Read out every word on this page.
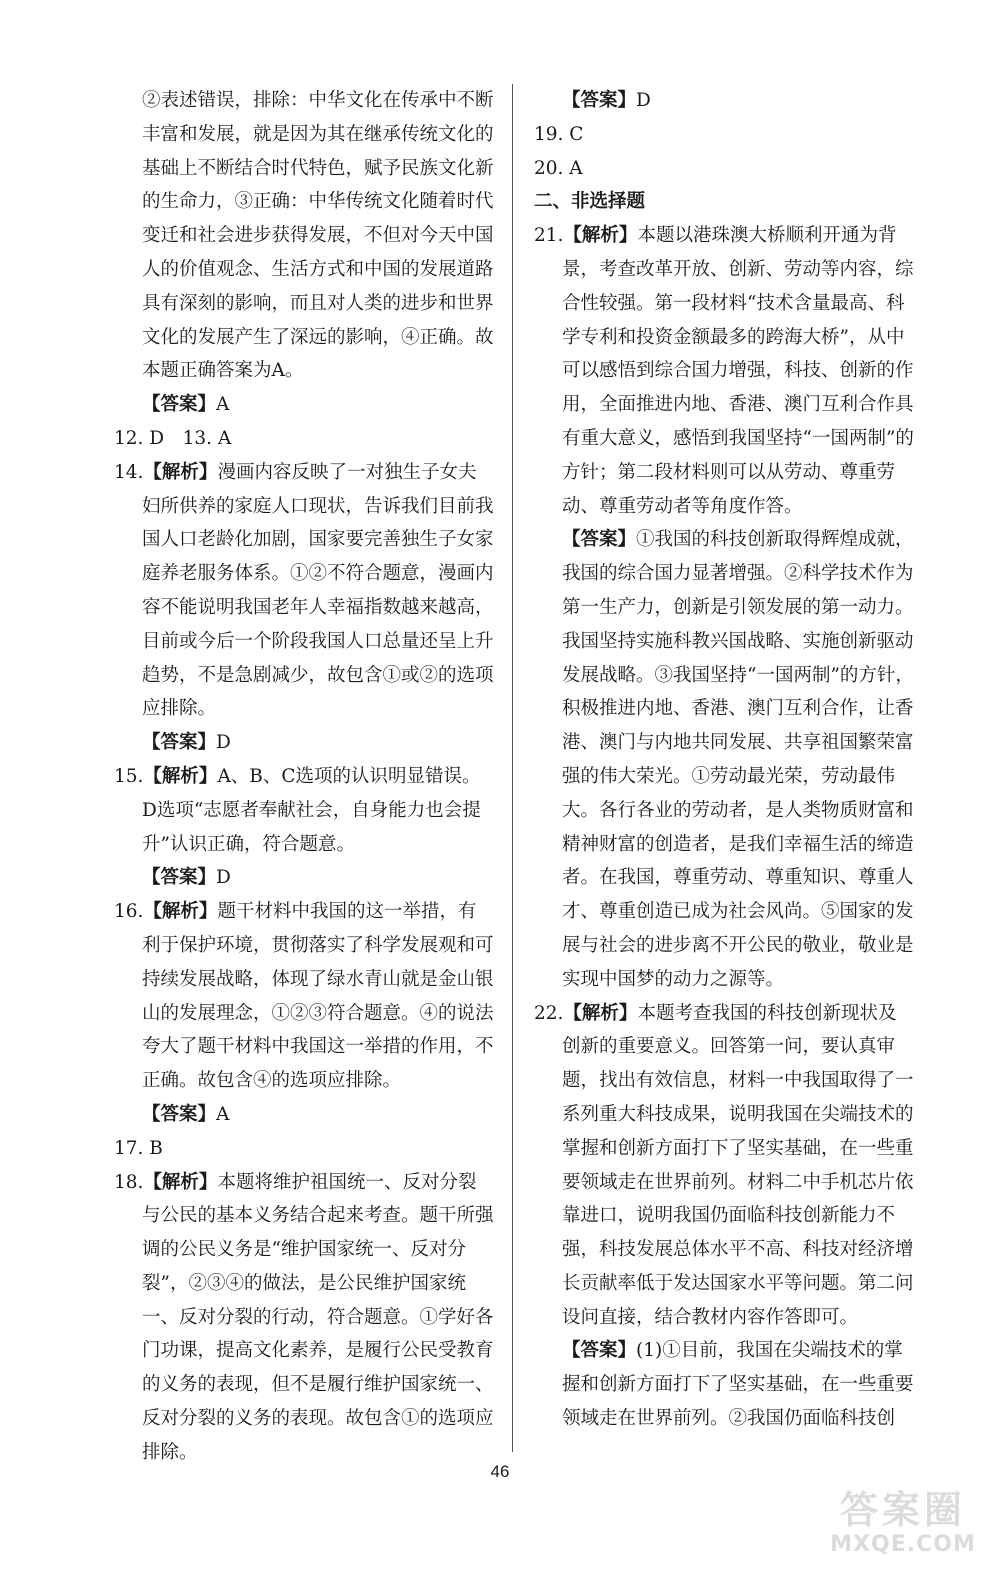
②表述错误，排除：中华文化在传承中不断丰富和发展，就是因为其在继承传统文化的基础上不断结合时代特色，赋予民族文化新的生命力，③正确：中华传统文化随着时代变迁和社会进步获得发展，不但对今天中国人的价值观念、生活方式和中国的发展道路具有深刻的影响，而且对人类的进步和世界文化的发展产生了深远的影响，④正确。故本题正确答案为A。

【答案】A

12. D　13. A

14.【解析】漫画内容反映了一对独生子女夫妇所供养的家庭人口现状，告诉我们目前我国人口老龄化加剧，国家要完善独生子女家庭养老服务体系。①②不符合题意，漫画内容不能说明我国老年人幸福指数越来越高，目前或今后一个阶段我国人口总量还呈上升趋势，不是急剧减少，故包含①或②的选项应排除。

【答案】D

15.【解析】A、B、C选项的认识明显错误。D选项“志愿者奉献社会，自身能力也会提升”认识正确，符合题意。

【答案】D

16.【解析】题干材料中我国的这一举措，有利于保护环境，贯彻落实了科学发展观和可持续发展战略，体现了绿水青山就是金山银山的发展理念，①②③符合题意。④的说法夸大了题干材料中我国这一举措的作用，不正确。故包含④的选项应排除。

【答案】A

17. B

18.【解析】本题将维护祖国统一、反对分裂与公民的基本义务结合起来考查。题干所强调的公民义务是“维护国家统一、反对分裂”，②③④的做法，是公民维护国家统一、反对分裂的行动，符合题意。①学好各门功课，提高文化素养，是履行公民受教育的义务的表现，但不是履行维护国家统一、反对分裂的义务的表现。故包含①的选项应排除。

【答案】D

19. C

20. A

二、非选择题

21.【解析】本题以港珠澳大桥顺利开通为背景，考查改革开放、创新、劳动等内容，综合性较强。第一段材料“技术含量最高、科学专利和投资金额最多的跨海大桥”，从中可以感悟到综合国力增强，科技、创新的作用，全面推进内地、香港、澳门互利合作具有重大意义，感悟到我国坚持“一国两制”的方针；第二段材料则可以从劳动、尊重劳动、尊重劳动者等角度作答。

【答案】①我国的科技创新取得辉煌成就，我国的综合国力显著增强。②科学技术作为第一生产力，创新是引领发展的第一动力。我国坚持实施科教兴国战略、实施创新驱动发展战略。③我国坚持“一国两制”的方针，积极推进内地、香港、澳门互利合作，让香港、澳门与内地共同发展、共享祖国繁荣富强的伟大荣光。①劳动最光荣，劳动最伟大。各行各业的劳动者，是人类物质财富和精神财富的创造者，是我们幸福生活的缔造者。在我国，尊重劳动、尊重知识、尊重人才、尊重创造已成为社会风尚。⑤国家的发展与社会的进步离不开公民的敬业，敬业是实现中国梦的动力之源等。

22.【解析】本题考查我国的科技创新现状及创新的重要意义。回答第一问，要认真审题，找出有效信息，材料一中我国取得了一系列重大科技成果，说明我国在尖端技术的掌握和创新方面打下了坚实基础，在一些重要领域走在世界前列。材料二中手机芯片依靠进口，说明我国仍面临科技创新能力不强，科技发展总体水平不高、科技对经济增长贡献率低于发达国家水平等问题。第二问设问直接，结合教材内容作答即可。

【答案】(1)①目前，我国在尖端技术的掌握和创新方面打下了坚实基础，在一些重要领域走在世界前列。②我国仍面临科技创

46
答案圈
MXQE.COM
